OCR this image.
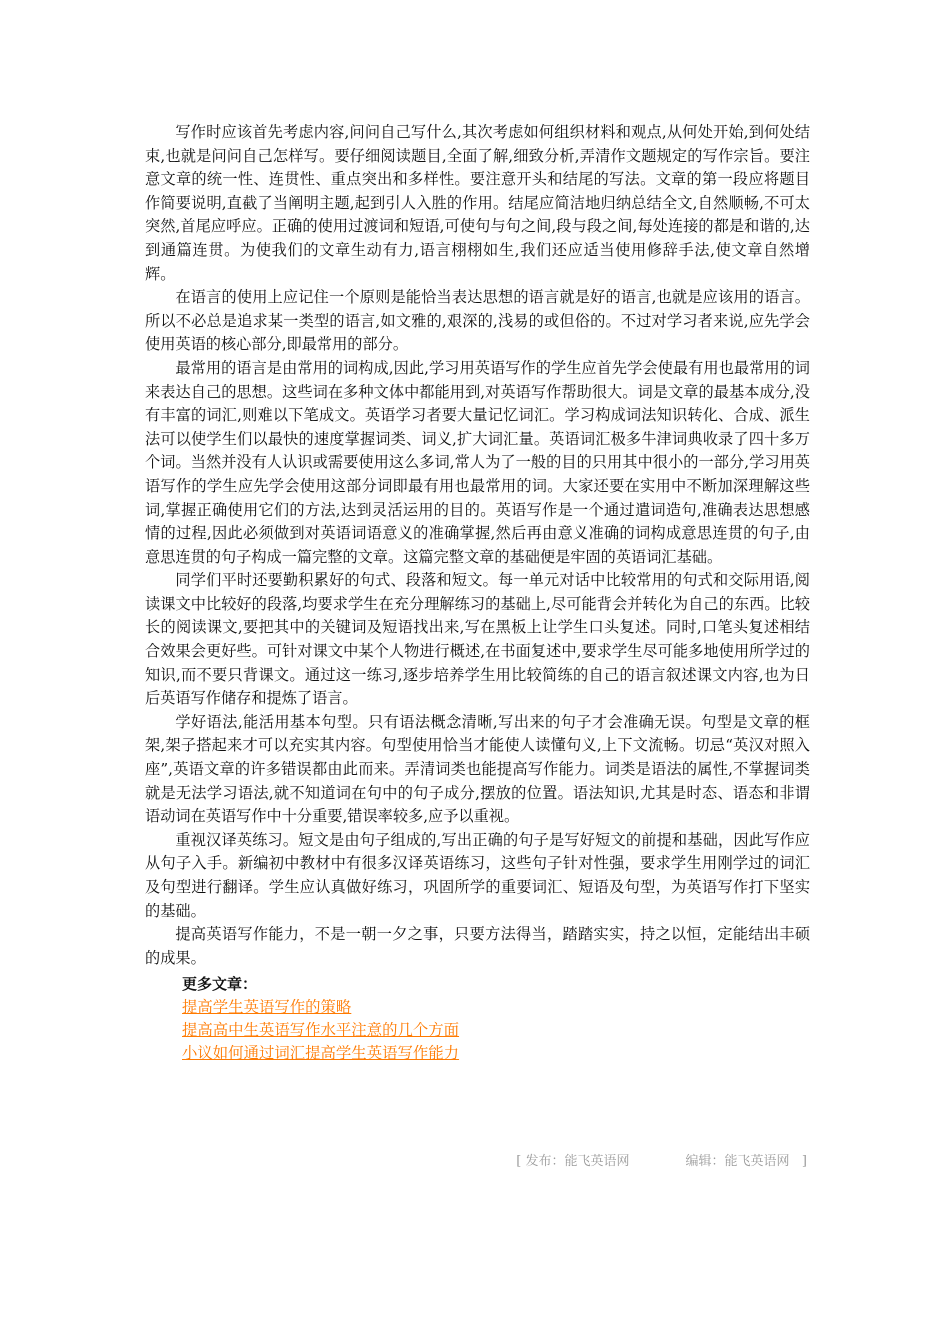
写作时应该首先考虑内容,问问自己写什么,其次考虑如何组织材料和观点,从何处开始,到何处结束,也就是问问自己怎样写。要仔细阅读题目,全面了解,细致分析,弄清作文题规定的写作宗旨。要注意文章的统一性、连贯性、重点突出和多样性。要注意开头和结尾的写法。文章的第一段应将题目作简要说明,直截了当阐明主题,起到引人入胜的作用。结尾应简洁地归纳总结全文,自然顺畅,不可太突然,首尾应呼应。正确的使用过渡词和短语,可使句与句之间,段与段之间,每处连接的都是和谐的,达到通篇连贯。为使我们的文章生动有力,语言栩栩如生,我们还应适当使用修辞手法,使文章自然增辉。

在语言的使用上应记住一个原则是能恰当表达思想的语言就是好的语言,也就是应该用的语言。所以不必总是追求某一类型的语言,如文雅的,艰深的,浅易的或但俗的。不过对学习者来说,应先学会使用英语的核心部分,即最常用的部分。

最常用的语言是由常用的词构成,因此,学习用英语写作的学生应首先学会使最有用也最常用的词来表达自己的思想。这些词在多种文体中都能用到,对英语写作帮助很大。词是文章的最基本成分,没有丰富的词汇,则难以下笔成文。英语学习者要大量记忆词汇。学习构成词法知识转化、合成、派生法可以使学生们以最快的速度掌握词类、词义,扩大词汇量。英语词汇极多牛津词典收录了四十多万个词。当然并没有人认识或需要使用这么多词,常人为了一般的目的只用其中很小的一部分,学习用英语写作的学生应先学会使用这部分词即最有用也最常用的词。大家还要在实用中不断加深理解这些词,掌握正确使用它们的方法,达到灵活运用的目的。英语写作是一个通过遣词造句,准确表达思想感情的过程,因此必须做到对英语词语意义的准确掌握,然后再由意义准确的词构成意思连贯的句子,由意思连贯的句子构成一篇完整的文章。这篇完整文章的基础便是牢固的英语词汇基础。

同学们平时还要勤积累好的句式、段落和短文。每一单元对话中比较常用的句式和交际用语,阅读课文中比较好的段落,均要求学生在充分理解练习的基础上,尽可能背会并转化为自己的东西。比较长的阅读课文,要把其中的关键词及短语找出来,写在黑板上让学生口头复述。同时,口笔头复述相结合效果会更好些。可针对课文中某个人物进行概述,在书面复述中,要求学生尽可能多地使用所学过的知识,而不要只背课文。通过这一练习,逐步培养学生用比较简练的自己的语言叙述课文内容,也为日后英语写作储存和提炼了语言。

学好语法,能活用基本句型。只有语法概念清晰,写出来的句子才会准确无误。句型是文章的框架,架子搭起来才可以充实其内容。句型使用恰当才能使人读懂句义,上下文流畅。切忌“英汉对照入座”,英语文章的许多错误都由此而来。弄清词类也能提高写作能力。词类是语法的属性,不掌握词类就是无法学习语法,就不知道词在句中的句子成分,摆放的位置。语法知识,尤其是时态、语态和非谓语动词在英语写作中十分重要,错误率较多,应予以重视。

重视汉译英练习。短文是由句子组成的,写出正确的句子是写好短文的前提和基础，因此写作应从句子入手。新编初中教材中有很多汉译英语练习，这些句子针对性强，要求学生用刚学过的词汇及句型进行翻译。学生应认真做好练习，巩固所学的重要词汇、短语及句型，为英语写作打下坚实的基础。

提高英语写作能力，不是一朝一夕之事，只要方法得当，踏踏实实，持之以恒，定能结出丰硕的成果。

更多文章：
提高学生英语写作的策略
提高高中生英语写作水平注意的几个方面
小议如何通过词汇提高学生英语写作能力
[ 发布：能飞英语网	编辑：能飞英语网 ]
